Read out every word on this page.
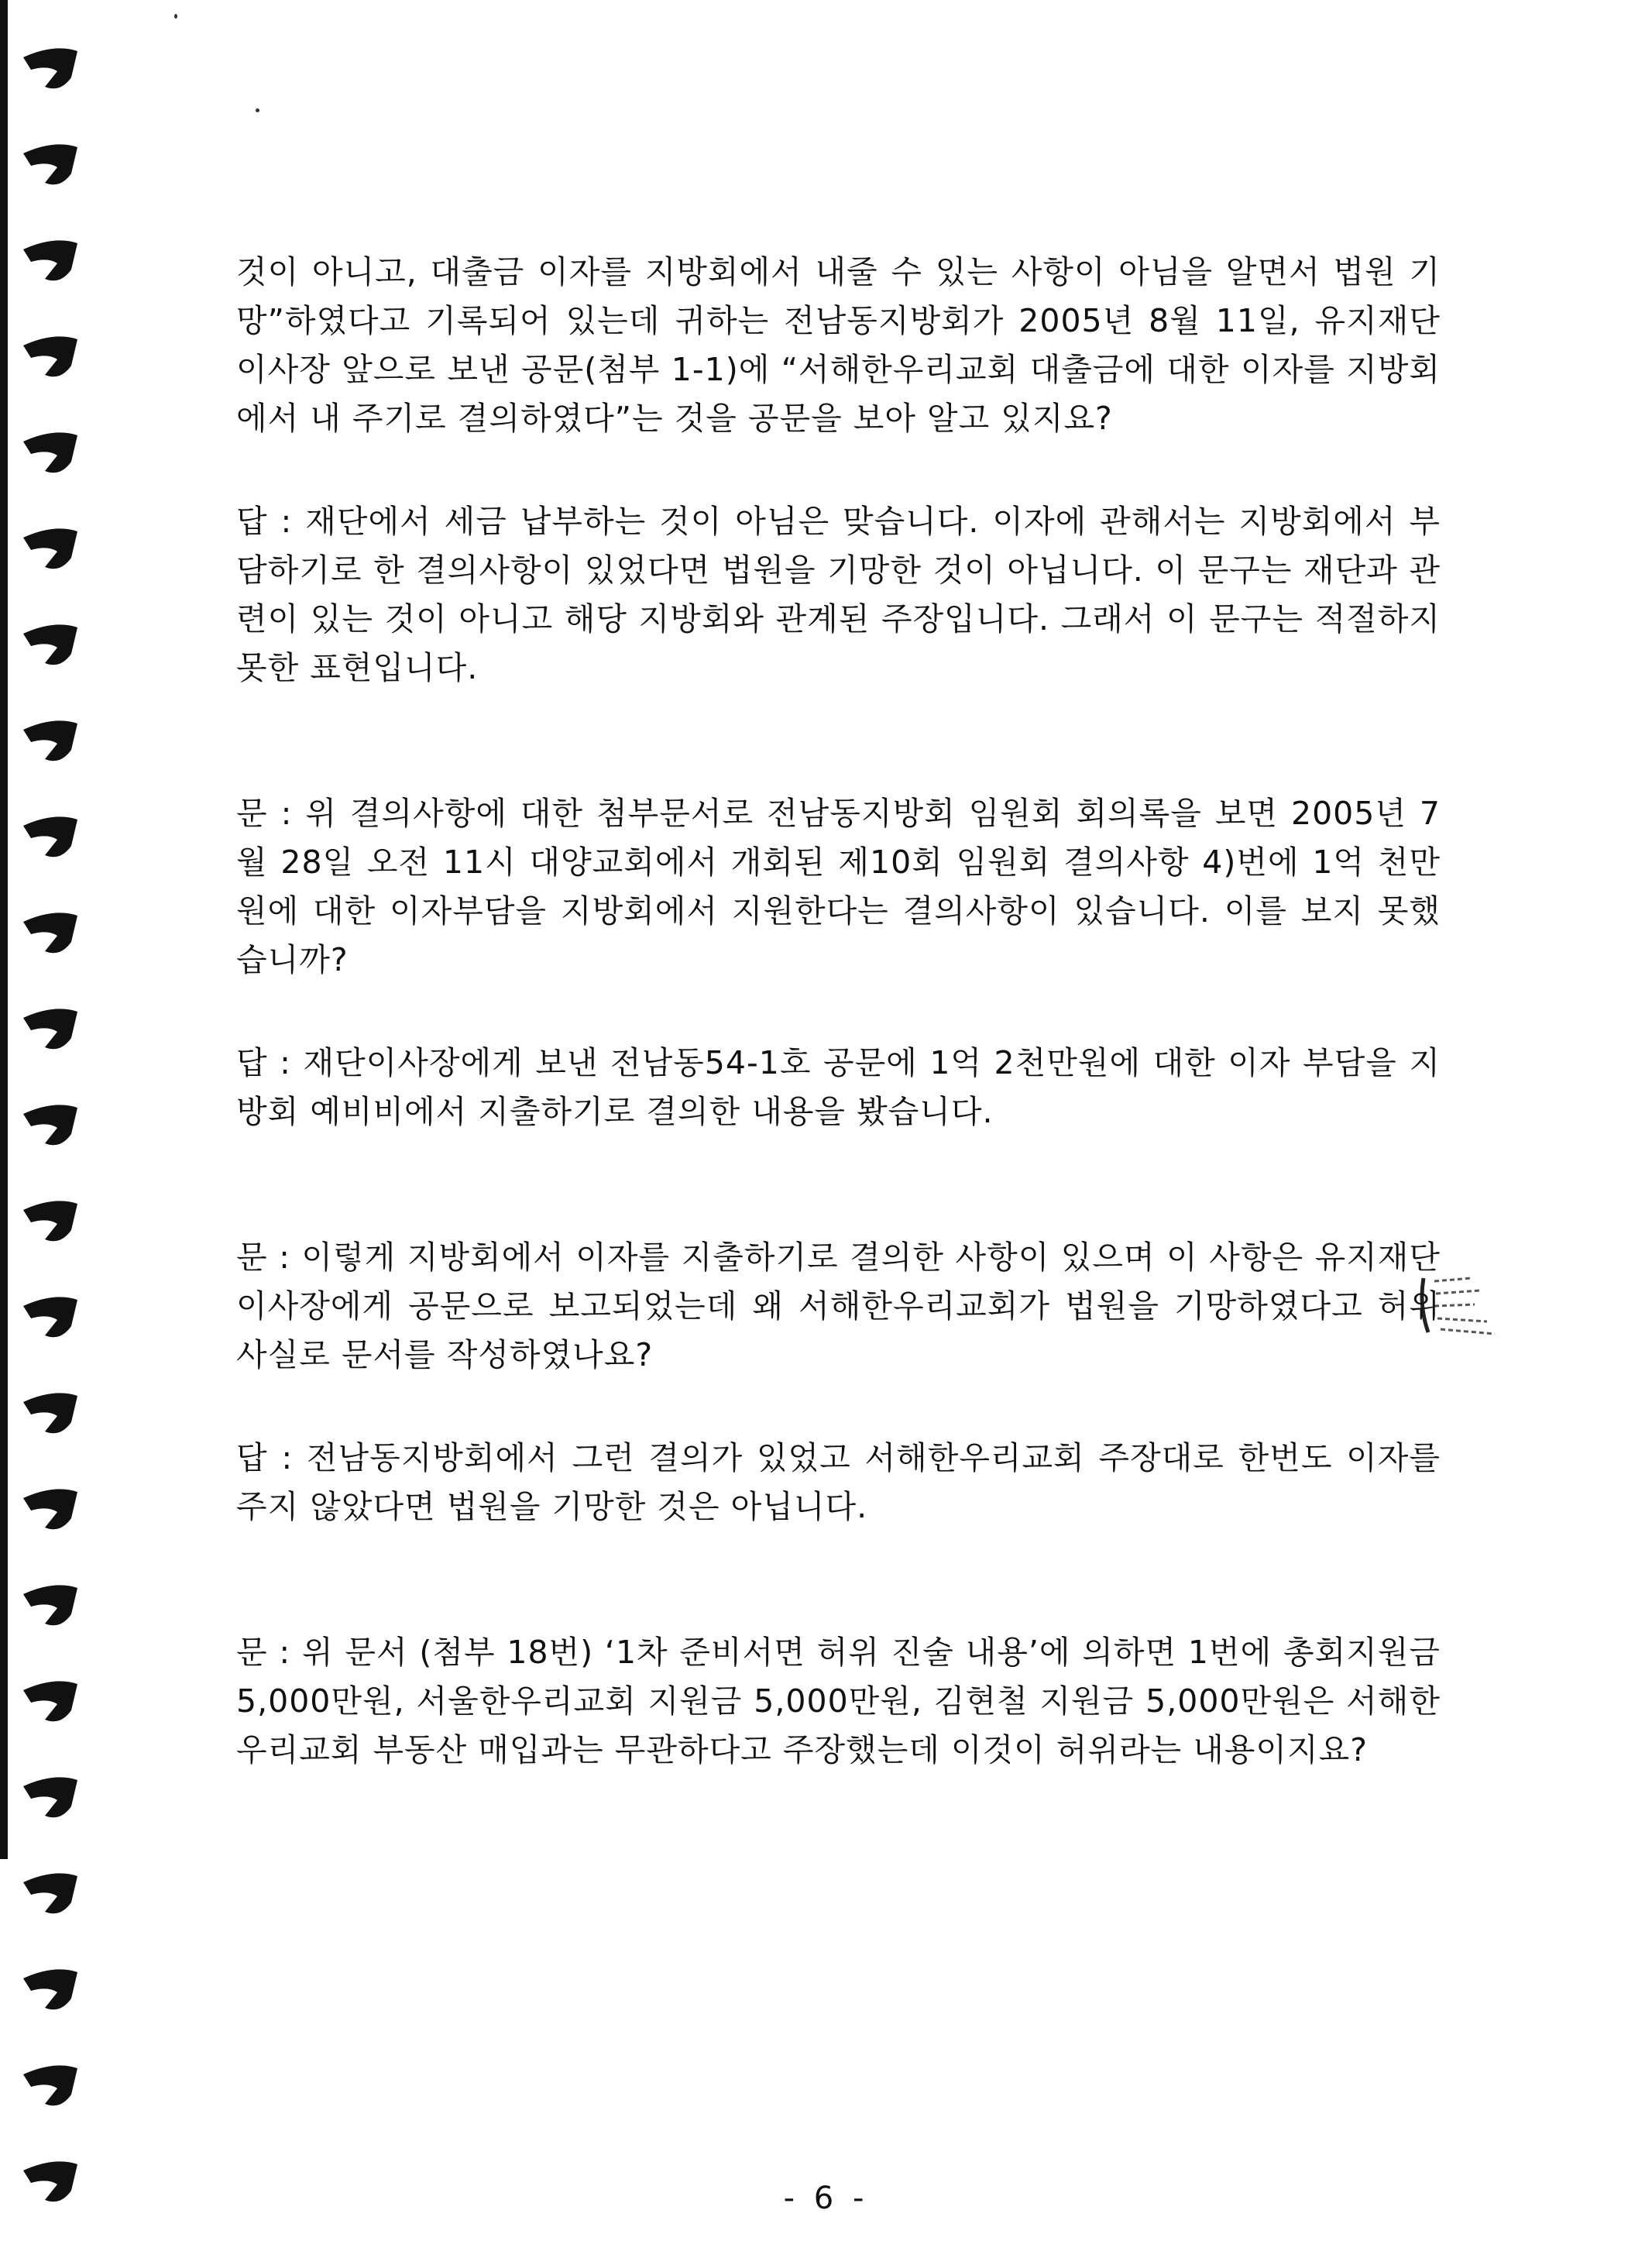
것이 아니고, 대출금 이자를 지방회에서 내줄 수 있는 사항이 아님을 알면서 법원 기망”하였다고 기록되어 있는데 귀하는 전남동지방회가 2005년 8월 11일, 유지재단 이사장 앞으로 보낸 공문(첨부 1-1)에 “서해한우리교회 대출금에 대한 이자를 지방회에서 내 주기로 결의하였다”는 것을 공문을 보아 알고 있지요?

답 : 재단에서 세금 납부하는 것이 아님은 맞습니다. 이자에 관해서는 지방회에서 부담하기로 한 결의사항이 있었다면 법원을 기망한 것이 아닙니다. 이 문구는 재단과 관련이 있는 것이 아니고 해당 지방회와 관계된 주장입니다. 그래서 이 문구는 적절하지 못한 표현입니다.

문 : 위 결의사항에 대한 첨부문서로 전남동지방회 임원회 회의록을 보면 2005년 7월 28일 오전 11시 대양교회에서 개회된 제10회 임원회 결의사항 4)번에 1억 천만원에 대한 이자부담을 지방회에서 지원한다는 결의사항이 있습니다. 이를 보지 못했습니까?

답 : 재단이사장에게 보낸 전남동54-1호 공문에 1억 2천만원에 대한 이자 부담을 지방회 예비비에서 지출하기로 결의한 내용을 봤습니다.

문 : 이렇게 지방회에서 이자를 지출하기로 결의한 사항이 있으며 이 사항은 유지재단 이사장에게 공문으로 보고되었는데 왜 서해한우리교회가 법원을 기망하였다고 허위사실로 문서를 작성하였나요?

답 : 전남동지방회에서 그런 결의가 있었고 서해한우리교회 주장대로 한번도 이자를 주지 않았다면 법원을 기망한 것은 아닙니다.

문 : 위 문서 (첨부 18번) ‘1차 준비서면 허위 진술 내용’에 의하면 1번에 총회지원금 5,000만원, 서울한우리교회 지원금 5,000만원, 김현철 지원금 5,000만원은 서해한우리교회 부동산 매입과는 무관하다고 주장했는데 이것이 허위라는 내용이지요?

- 6 -
